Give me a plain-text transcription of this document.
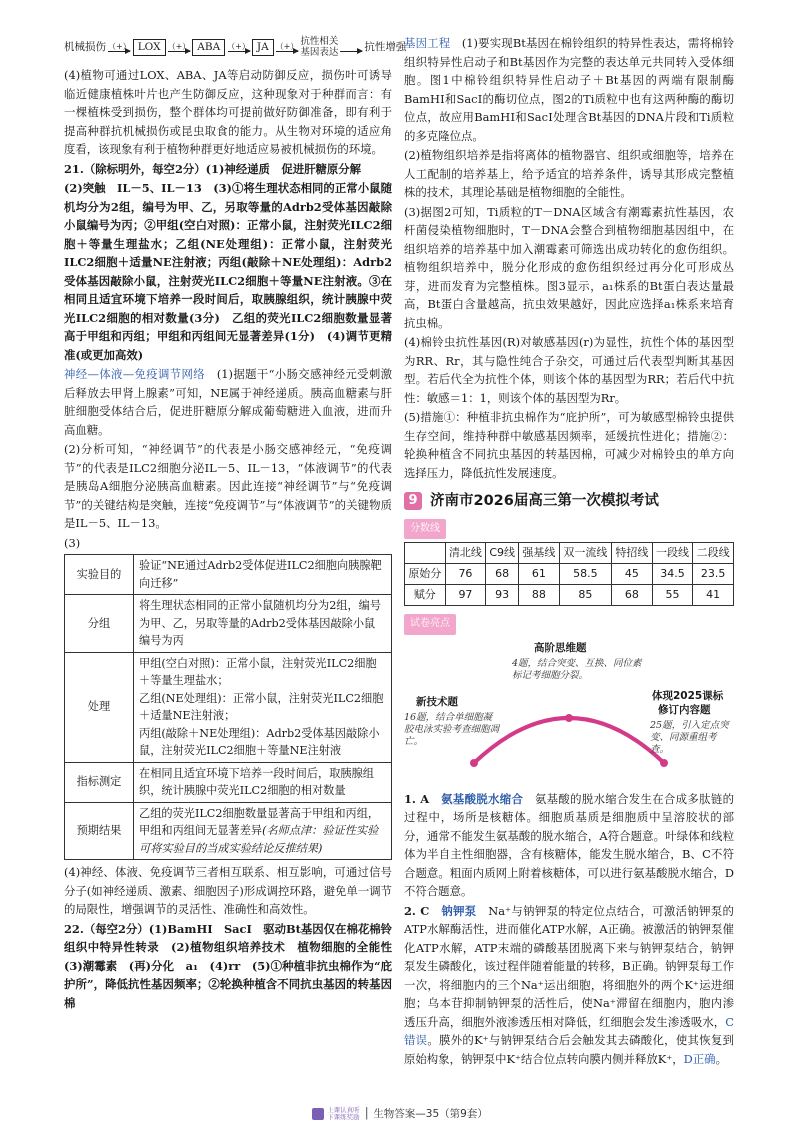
机械损伤 （+） LOX （+） ABA （+） JA （+） 抗性相关
基因表达
抗性增强

(4)植物可通过LOX、ABA、JA等启动防御反应，损伤叶可诱导临近健康植株叶片也产生防御反应，这种现象对于种群而言：有一棵植株受到损伤，整个群体均可提前做好防御准备，即有利于提高种群抗机械损伤或昆虫取食的能力。从生物对环境的适应角度看，该现象有利于植物种群更好地适应易被机械损伤的环境。

21.（除标明外，每空2分）(1)神经递质　促进肝糖原分解

(2)突触　IL－5、IL－13　(3)①将生理状态相同的正常小鼠随机均分为2组，编号为甲、乙，另取等量的Adrb2受体基因敲除小鼠编号为丙；②甲组(空白对照)：正常小鼠，注射荧光ILC2细胞＋等量生理盐水；乙组(NE处理组)：正常小鼠，注射荧光ILC2细胞＋适量NE注射液；丙组(敲除＋NE处理组)：Adrb2受体基因敲除小鼠，注射荧光ILC2细胞＋等量NE注射液。③在相同且适宜环境下培养一段时间后，取胰腺组织，统计胰腺中荧光ILC2细胞的相对数量(3分)　乙组的荧光ILC2细胞数量显著高于甲组和丙组；甲组和丙组间无显著差异(1分)　(4)调节更精准(或更加高效)

神经—体液—免疫调节网络　 (1)据题干“小肠交感神经元受刺激后释放去甲肾上腺素”可知，NE属于神经递质。胰高血糖素与肝脏细胞受体结合后，促进肝糖原分解成葡萄糖进入血液，进而升高血糖。

(2)分析可知，“神经调节”的代表是小肠交感神经元，“免疫调节”的代表是ILC2细胞分泌IL－5、IL－13，“体液调节”的代表是胰岛A细胞分泌胰高血糖素。因此连接“神经调节”与“免疫调节”的关键结构是突触，连接“免疫调节”与“体液调节”的关键物质是IL－5、IL－13。

(3)

实验目的	验证“NE通过Adrb2受体促进ILC2细胞向胰腺靶向迁移”
分组	将生理状态相同的正常小鼠随机均分为2组，编号为甲、乙，另取等量的Adrb2受体基因敲除小鼠编号为丙
处理	甲组(空白对照)：正常小鼠，注射荧光ILC2细胞＋等量生理盐水；
乙组(NE处理组)：正常小鼠，注射荧光ILC2细胞＋适量NE注射液；
丙组(敲除＋NE处理组)：Adrb2受体基因敲除小鼠，注射荧光ILC2细胞＋等量NE注射液

指标测定	在相同且适宜环境下培养一段时间后，取胰腺组织，统计胰腺中荧光ILC2细胞的相对数量
预期结果	乙组的荧光ILC2细胞数量显著高于甲组和丙组，甲组和丙组间无显著差异(名师点津：验证性实验可将实验目的当成实验结论反推结果)

(4)神经、体液、免疫调节三者相互联系、相互影响，可通过信号分子(如神经递质、激素、细胞因子)形成调控环路，避免单一调节的局限性，增强调节的灵活性、准确性和高效性。

22.（每空2分）(1)BamHⅠ　SacⅠ　驱动Bt基因仅在棉花棉铃组织中特异性转录　(2)植物组织培养技术　植物细胞的全能性　(3)潮霉素　(再)分化　a₁　(4)rr　(5)①种植非抗虫棉作为“庇护所”，降低抗性基因频率；②轮换种植含不同抗虫基因的转基因棉

基因工程　 (1)要实现Bt基因在棉铃组织的特异性表达，需将棉铃组织特异性启动子和Bt基因作为完整的表达单元共同转入受体细胞。图1中棉铃组织特异性启动子＋Bt基因的两端有限制酶BamHⅠ和SacⅠ的酶切位点，图2的Ti质粒中也有这两种酶的酶切位点，故应用BamHⅠ和SacⅠ处理含Bt基因的DNA片段和Ti质粒的多克隆位点。

(2)植物组织培养是指将离体的植物器官、组织或细胞等，培养在人工配制的培养基上，给予适宜的培养条件，诱导其形成完整植株的技术，其理论基础是植物细胞的全能性。

(3)据图2可知，Ti质粒的T－DNA区域含有潮霉素抗性基因，农杆菌侵染植物细胞时，T－DNA会整合到植物细胞基因组中，在组织培养的培养基中加入潮霉素可筛选出成功转化的愈伤组织。植物组织培养中，脱分化形成的愈伤组织经过再分化可形成丛芽，进而发育为完整植株。图3显示，a₁株系的Bt蛋白表达量最高，Bt蛋白含量越高，抗虫效果越好，因此应选择a₁株系来培育抗虫棉。

(4)棉铃虫抗性基因(R)对敏感基因(r)为显性，抗性个体的基因型为RR、Rr，其与隐性纯合子杂交，可通过后代表型判断其基因型。若后代全为抗性个体，则该个体的基因型为RR；若后代中抗性：敏感＝1：1，则该个体的基因型为Rr。

(5)措施①：种植非抗虫棉作为“庇护所”，可为敏感型棉铃虫提供生存空间，维持种群中敏感基因频率，延缓抗性进化；措施②：轮换种植含不同抗虫基因的转基因棉，可减少对棉铃虫的单方向选择压力，降低抗性发展速度。

9 济南市2026届高三第一次模拟考试
分数线
	清北线	C9线	强基线	双一流线	特招线	一段线	二段线
原始分	76	68	61	58.5	45	34.5	23.5
赋分	97	93	88	85	68	55	41
试卷亮点
高阶思维题
4题，结合突变、互换、同位素标记考细胞分裂。
新技术题
16题，结合单细胞凝胶电泳实验考查细胞凋亡。
体现2025课标
修订内容题
25题，引入定点突变、同源重组考查。

1. A　 氨基酸脱水缩合　 氨基酸的脱水缩合发生在合成多肽链的过程中，场所是核糖体。细胞质基质是细胞质中呈溶胶状的部分，通常不能发生氨基酸的脱水缩合，A符合题意。叶绿体和线粒体为半自主性细胞器，含有核糖体，能发生脱水缩合，B、C不符合题意。粗面内质网上附着核糖体，可以进行氨基酸脱水缩合，D不符合题意。

2. C　 钠钾泵　 Na⁺与钠钾泵的特定位点结合，可激活钠钾泵的ATP水解酶活性，进而催化ATP水解，A正确。被激活的钠钾泵催化ATP水解，ATP末端的磷酸基团脱离下来与钠钾泵结合，钠钾泵发生磷酸化，该过程伴随着能量的转移，B正确。钠钾泵每工作一次，将细胞内的三个Na⁺运出细胞，将细胞外的两个K⁺运进细胞；乌本苷抑制钠钾泵的活性后，使Na⁺滞留在细胞内，胞内渗透压升高，细胞外液渗透压相对降低，红细胞会发生渗透吸水，C错误。膜外的K⁺与钠钾泵结合后会触发其去磷酸化，使其恢复到原始构象，钠钾泵中K⁺结合位点转向膜内侧并释放K⁺，D正确。

上课认真听
下课练奖励 │ 生物答案—35（第9套）
